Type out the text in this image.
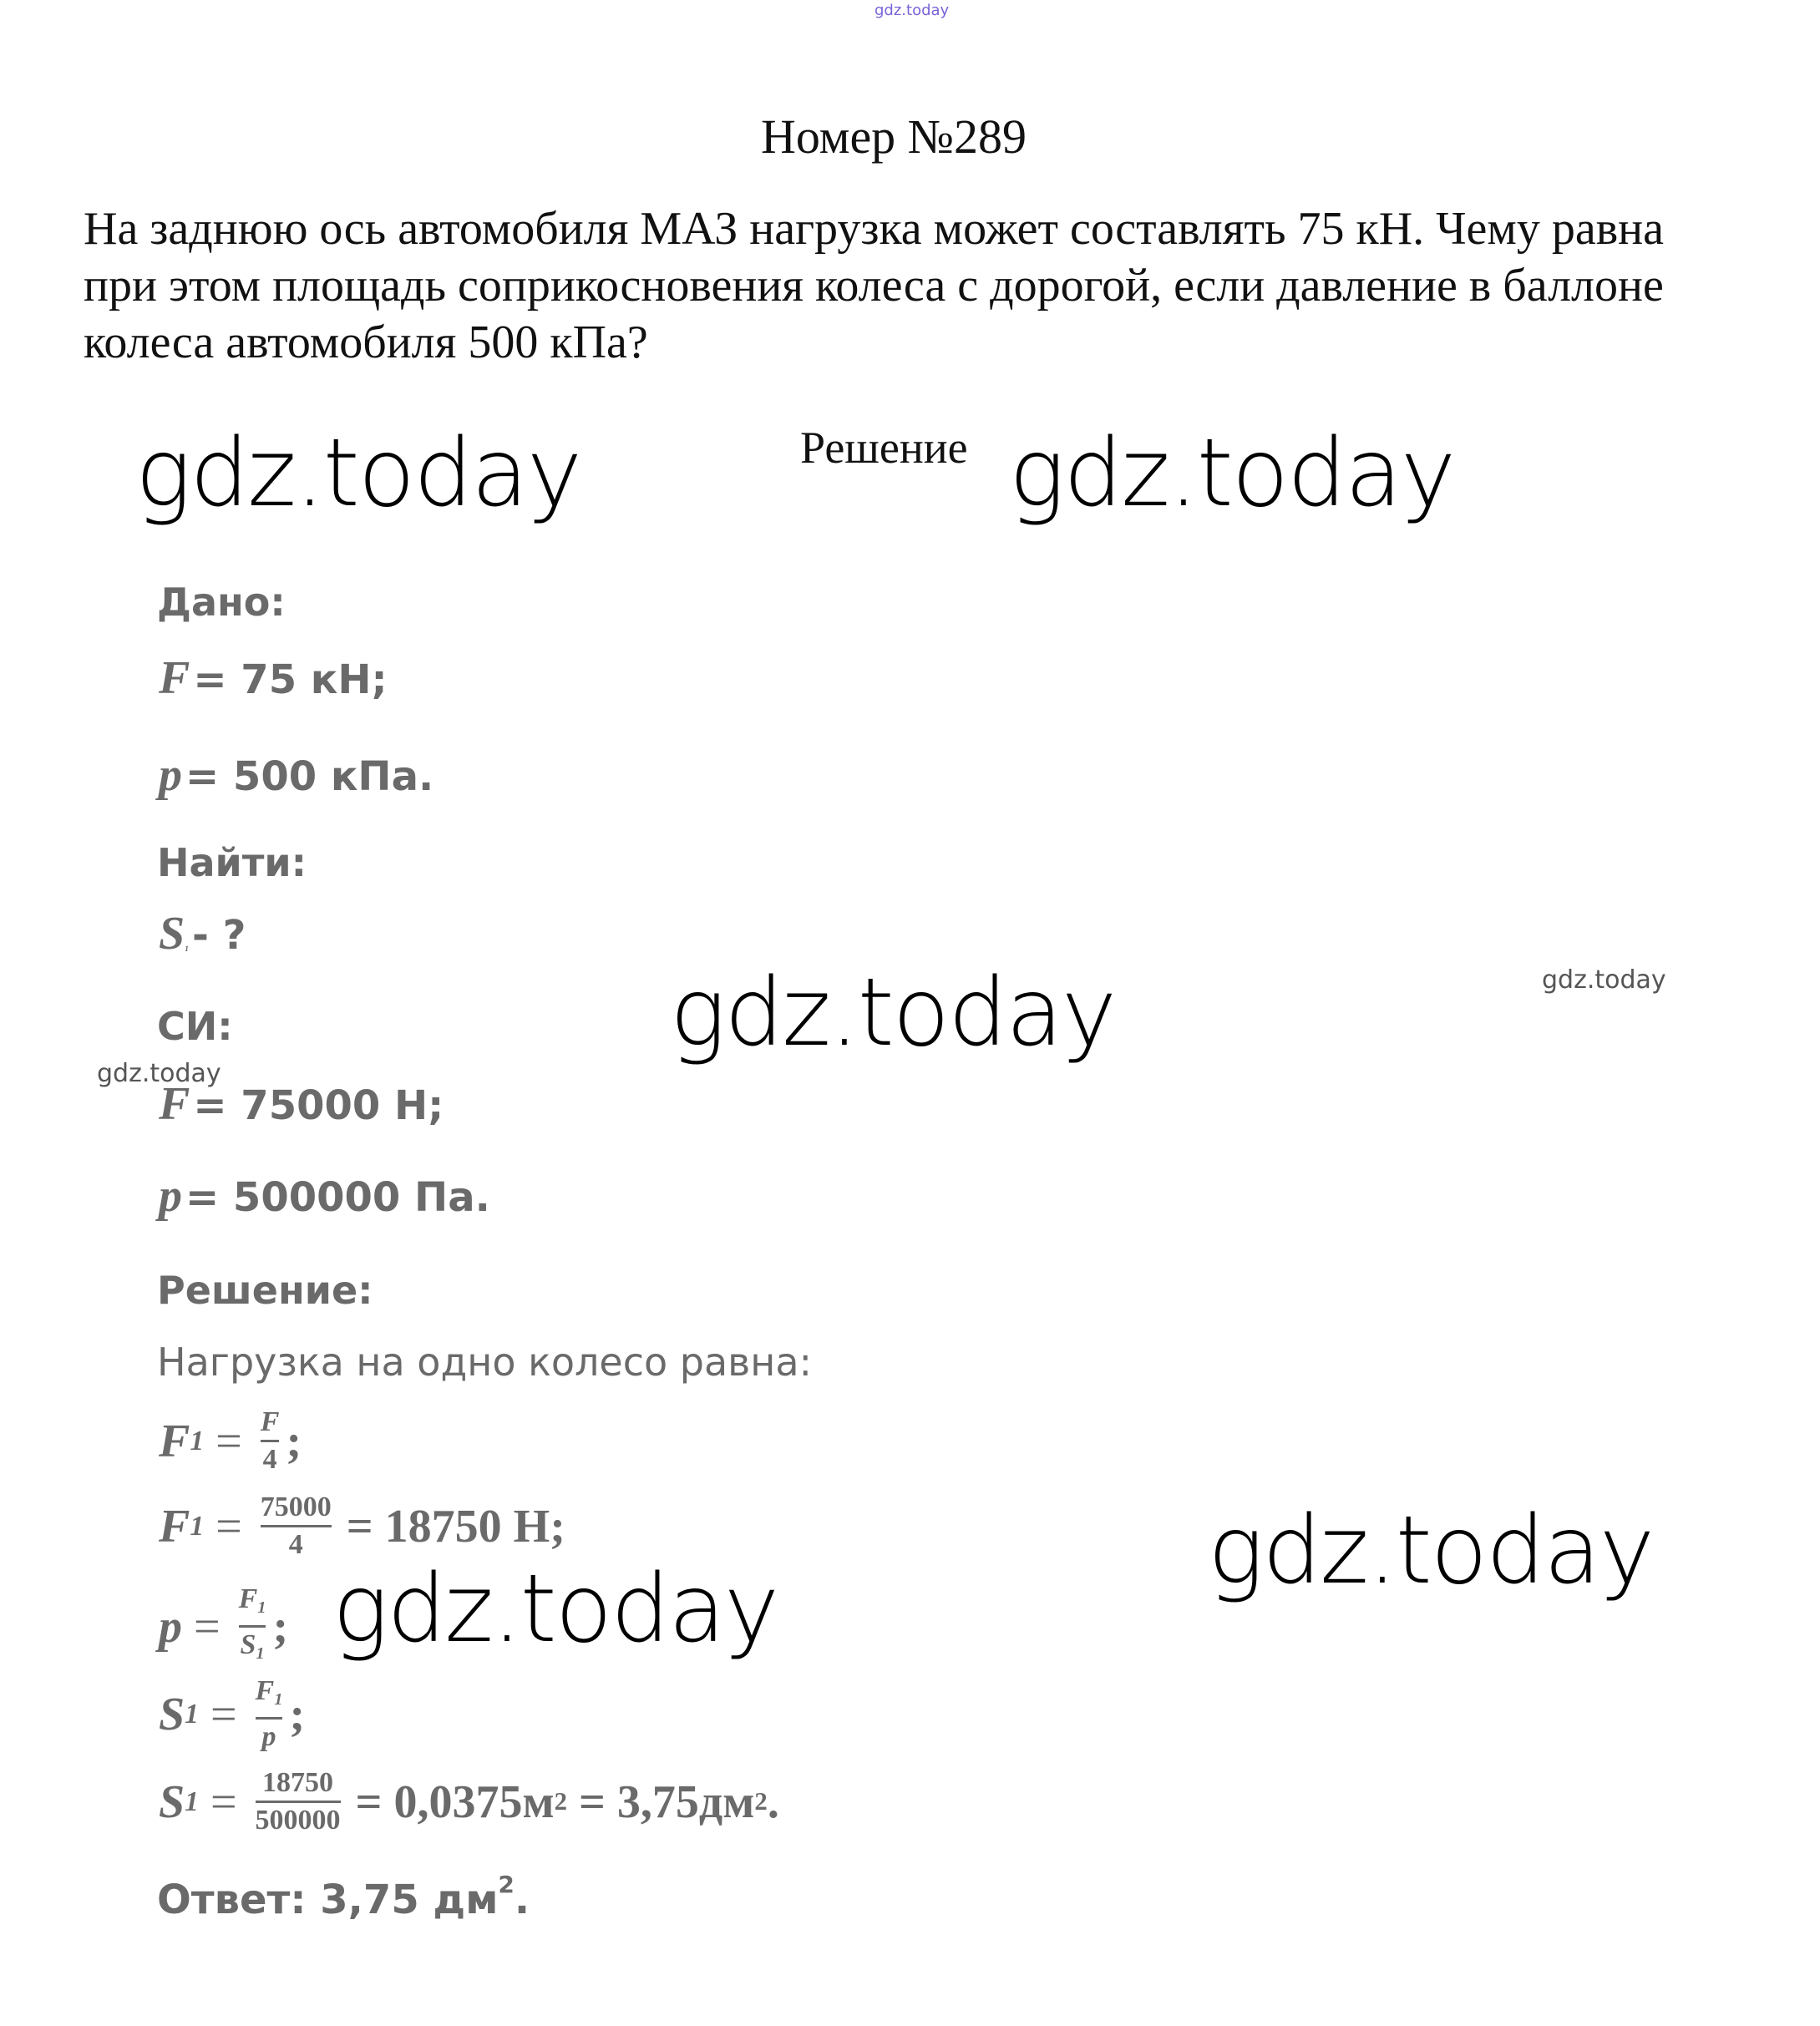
gdz.today
Номер №289
На заднюю ось автомобиля МАЗ нагрузка может составлять 75 кН. Чему равна при этом площадь соприкосновения колеса с дорогой, если давление в баллоне колеса автомобиля 500 кПа?
Решение
gdz.today	gdz.today
gdz.today
gdz.today
gdz.today
gdz.today
gdz.today
Дано:
F = 75 кН;
p = 500 кПа.
Найти:
$S_1$ - ?
СИ:
F = 75000 Н;
p = 500000 Па.
Решение:
Нагрузка на одно колесо равна:
F $1 = \frac{F}{4}$ ;
F $1 = \frac{75000}{4} = 18750$ Н;
$p = \frac{F_1}{S_1}$ ;
S $1 = \frac{F_1}{p}$ ;
S $1 = \frac{18750}{500000} = 0,0375м$ 2 = 3,75дм 2 .
Ответ: 3,75 $дм^2$.
